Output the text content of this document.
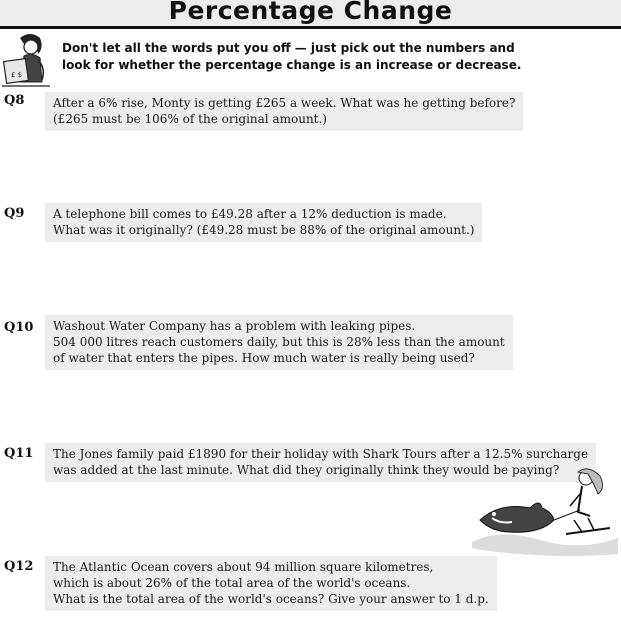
Percentage Change
£ $
Don't let all the words put you off — just pick out the numbers and
look for whether the percentage change is an increase or decrease.
Q8 After a 6% rise, Monty is getting £265 a week. What was he getting before?
(£265 must be 106% of the original amount.)
Q9 A telephone bill comes to £49.28 after a 12% deduction is made.
What was it originally? (£49.28 must be 88% of the original amount.)
Q10 Washout Water Company has a problem with leaking pipes.
504 000 litres reach customers daily, but this is 28% less than the amount
of water that enters the pipes. How much water is really being used?
Q11 The Jones family paid £1890 for their holiday with Shark Tours after a 12.5% surcharge
was added at the last minute. What did they originally think they would be paying?
Q12 The Atlantic Ocean covers about 94 million square kilometres,
which is about 26% of the total area of the world's oceans.
What is the total area of the world's oceans? Give your answer to 1 d.p.
